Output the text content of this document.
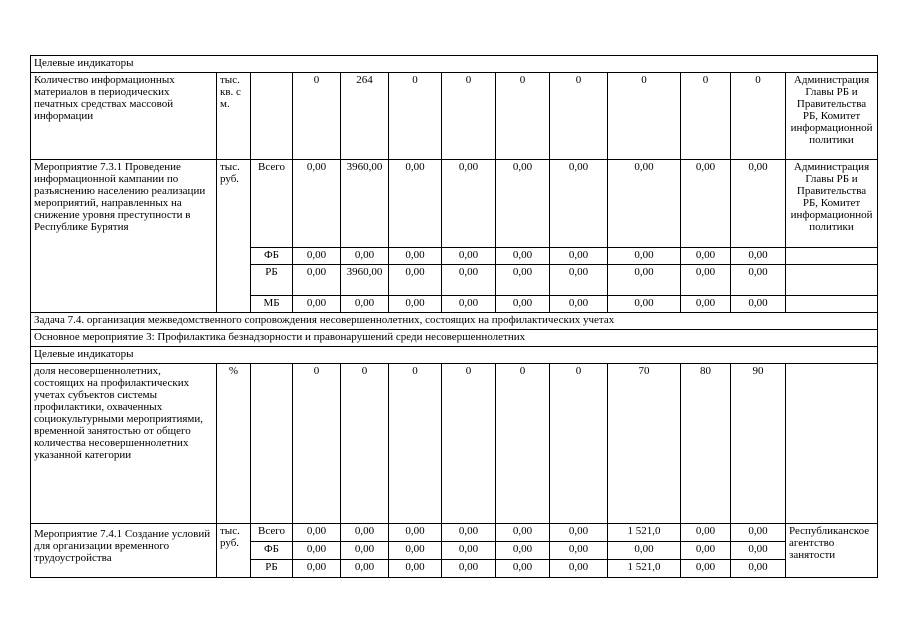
Целевые индикаторы												
Количество информационных материалов в периодических печатных средствах массовой информации	тыс. кв. с м.		0	264	0	0	0	0	0	0	0	Администрация Главы РБ и Правительства РБ, Комитет информационной политики
Мероприятие 7.3.1 Проведение информационной кампании по разъяснению населению реализации мероприятий, направленных на снижение уровня преступности в Республике Бурятия	тыс. руб.	Всего	0,00	3960,00	0,00	0,00	0,00	0,00	0,00	0,00	0,00	Администрация Главы РБ и Правительства РБ, Комитет информационной политики
		ФБ	0,00	0,00	0,00	0,00	0,00	0,00	0,00	0,00	0,00	
		РБ	0,00	3960,00	0,00	0,00	0,00	0,00	0,00	0,00	0,00	
		МБ	0,00	0,00	0,00	0,00	0,00	0,00	0,00	0,00	0,00	
Задача 7.4. организация межведомственного сопровождения несовершеннолетних, состоящих на профилактических учетах												
Основное мероприятие 3: Профилактика безнадзорности и правонарушений среди несовершеннолетних												
Целевые индикаторы												
доля несовершеннолетних, состоящих на профилактических учетах субъектов системы профилактики, охваченных социокультурными мероприятиями, временной занятостью от общего количества несовершеннолетних указанной категории	%		0	0	0	0	0	0	70	80	90	
Мероприятие 7.4.1 Создание условий для организации временного трудоустройства	тыс. руб.	Всего	0,00	0,00	0,00	0,00	0,00	0,00	1 521,0	0,00	0,00	Республиканское агентство занятости
		ФБ	0,00	0,00	0,00	0,00	0,00	0,00	0,00	0,00	0,00	
		РБ	0,00	0,00	0,00	0,00	0,00	0,00	1 521,0	0,00	0,00	
